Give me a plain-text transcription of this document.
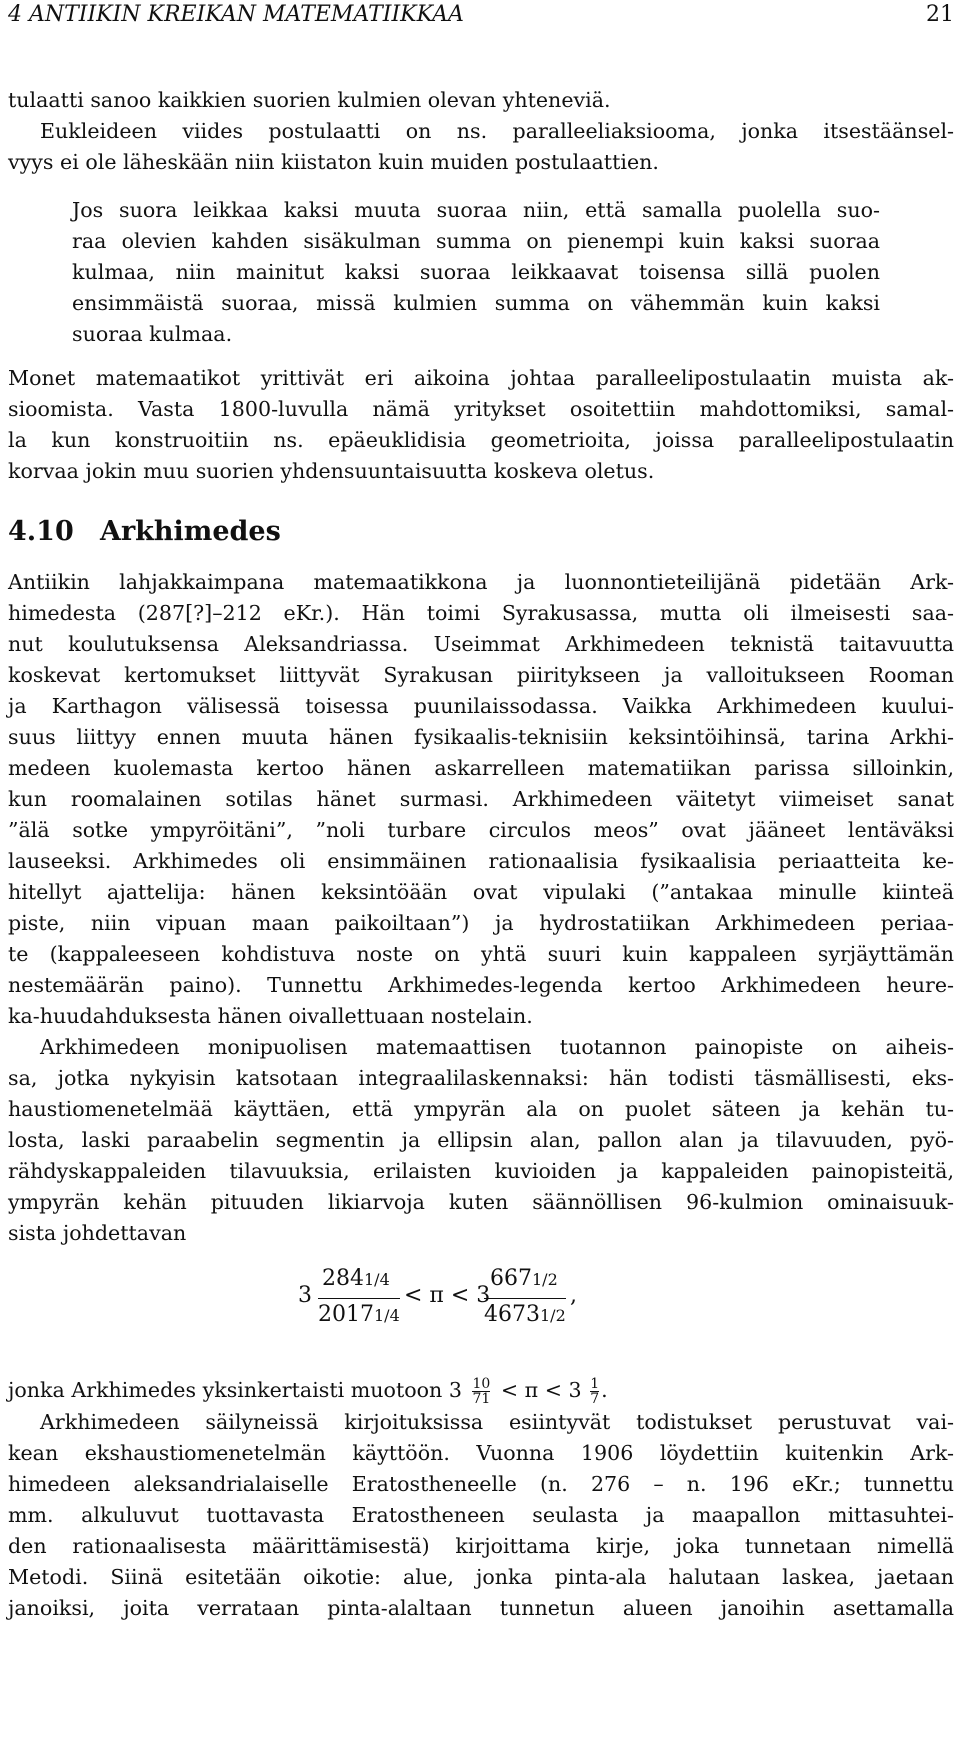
4 ANTIIKIN KREIKAN MATEMATIIKKAA	21
tulaatti sanoo kaikkien suorien kulmien olevan yhteneviä.
Eukleideen viides postulaatti on ns. paralleeliaksiooma, jonka itsestäänsel-
vyys ei ole läheskään niin kiistaton kuin muiden postulaattien.
Jos suora leikkaa kaksi muuta suoraa niin, että samalla puolella suo-
raa olevien kahden sisäkulman summa on pienempi kuin kaksi suoraa
kulmaa, niin mainitut kaksi suoraa leikkaavat toisensa sillä puolen
ensimmäistä suoraa, missä kulmien summa on vähemmän kuin kaksi
suoraa kulmaa.
Monet matemaatikot yrittivät eri aikoina johtaa paralleelipostulaatin muista ak-
sioomista. Vasta 1800-luvulla nämä yritykset osoitettiin mahdottomiksi, samal-
la kun konstruoitiin ns. epäeuklidisia geometrioita, joissa paralleelipostulaatin
korvaa jokin muu suorien yhdensuuntaisuutta koskeva oletus.
4.10 Arkhimedes
Antiikin lahjakkaimpana matemaatikkona ja luonnontieteilijänä pidetään Ark-
himedesta (287[?]–212 eKr.). Hän toimi Syrakusassa, mutta oli ilmeisesti saa-
nut koulutuksensa Aleksandriassa. Useimmat Arkhimedeen teknistä taitavuutta
koskevat kertomukset liittyvät Syrakusan piiritykseen ja valloitukseen Rooman
ja Karthagon välisessä toisessa puunilaissodassa. Vaikka Arkhimedeen kuului-
suus liittyy ennen muuta hänen fysikaalis-teknisiin keksintöihinsä, tarina Arkhi-
medeen kuolemasta kertoo hänen askarrelleen matematiikan parissa silloinkin,
kun roomalainen sotilas hänet surmasi. Arkhimedeen väitetyt viimeiset sanat
”älä sotke ympyröitäni”, ”noli turbare circulos meos” ovat jääneet lentäväksi
lauseeksi. Arkhimedes oli ensimmäinen rationaalisia fysikaalisia periaatteita ke-
hitellyt ajattelija: hänen keksintöään ovat vipulaki (”antakaa minulle kiinteä
piste, niin vipuan maan paikoiltaan”) ja hydrostatiikan Arkhimedeen periaa-
te (kappaleeseen kohdistuva noste on yhtä suuri kuin kappaleen syrjäyttämän
nestemäärän paino). Tunnettu Arkhimedes-legenda kertoo Arkhimedeen heure-
ka-huudahduksesta hänen oivallettuaan nostelain.
Arkhimedeen monipuolisen matemaattisen tuotannon painopiste on aiheis-
sa, jotka nykyisin katsotaan integraalilaskennaksi: hän todisti täsmällisesti, eks-
haustiomenetelmää käyttäen, että ympyrän ala on puolet säteen ja kehän tu-
losta, laski paraabelin segmentin ja ellipsin alan, pallon alan ja tilavuuden, pyö-
rähdyskappaleiden tilavuuksia, erilaisten kuvioiden ja kappaleiden painopisteitä,
ympyrän kehän pituuden likiarvoja kuten säännöllisen 96-kulmion ominaisuuk-
sista johdettavan
3
2841/4
20171/4
< π < 3
6671/2
46731/2
,
jonka Arkhimedes yksinkertaisti muotoon $3 \frac{10}{71} < \pi < 3 \frac{1}{7}$ .
Arkhimedeen säilyneissä kirjoituksissa esiintyvät todistukset perustuvat vai-
kean ekshaustiomenetelmän käyttöön. Vuonna 1906 löydettiin kuitenkin Ark-
himedeen aleksandrialaiselle Eratostheneelle (n. 276 – n. 196 eKr.; tunnettu
mm. alkuluvut tuottavasta Eratostheneen seulasta ja maapallon mittasuhtei-
den rationaalisesta määrittämisestä) kirjoittama kirje, joka tunnetaan nimellä
Metodi. Siinä esitetään oikotie: alue, jonka pinta-ala halutaan laskea, jaetaan
janoiksi, joita verrataan pinta-alaltaan tunnetun alueen janoihin asettamalla
